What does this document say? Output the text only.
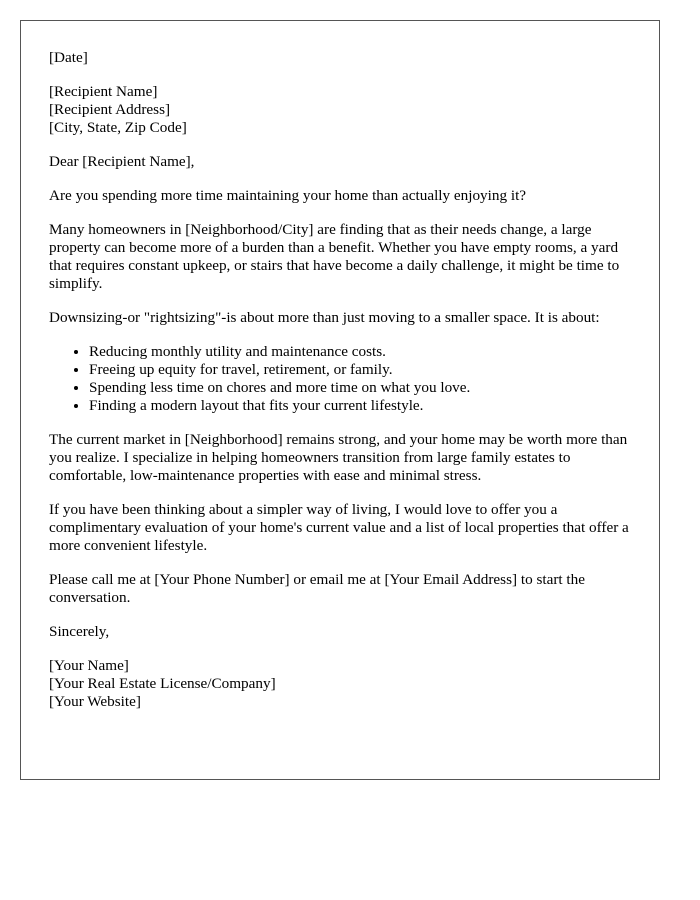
[Date]

[Recipient Name]
[Recipient Address]
[City, State, Zip Code]

Dear [Recipient Name],

Are you spending more time maintaining your home than actually enjoying it?

Many homeowners in [Neighborhood/City] are finding that as their needs change, a large property can become more of a burden than a benefit. Whether you have empty rooms, a yard that requires constant upkeep, or stairs that have become a daily challenge, it might be time to simplify.

Downsizing-or "rightsizing"-is about more than just moving to a smaller space. It is about:

• Reducing monthly utility and maintenance costs.
• Freeing up equity for travel, retirement, or family.
• Spending less time on chores and more time on what you love.
• Finding a modern layout that fits your current lifestyle.

The current market in [Neighborhood] remains strong, and your home may be worth more than you realize. I specialize in helping homeowners transition from large family estates to comfortable, low-maintenance properties with ease and minimal stress.

If you have been thinking about a simpler way of living, I would love to offer you a complimentary evaluation of your home's current value and a list of local properties that offer a more convenient lifestyle.

Please call me at [Your Phone Number] or email me at [Your Email Address] to start the conversation.

Sincerely,

[Your Name]
[Your Real Estate License/Company]
[Your Website]
